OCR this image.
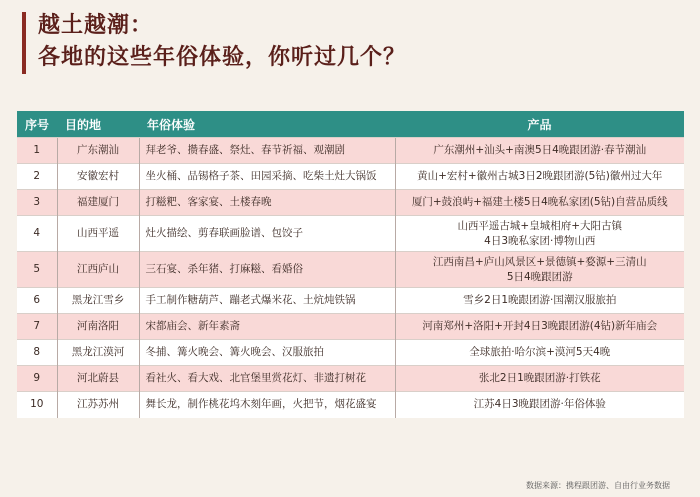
越土越潮：
各地的这些年俗体验，你听过几个？
序号	目的地	年俗体验	产品
1	广东潮汕	拜老爷、攒春盛、祭灶、春节祈福、观潮剧	广东潮州+汕头+南澳5日4晚跟团游·春节潮汕
2	安徽宏村	坐火桶、品锡格子茶、田园采摘、吃柴土灶大锅饭	黄山+宏村+徽州古城3日2晚跟团游(5钻)徽州过大年
3	福建厦门	打糍粑、客家宴、土楼春晚	厦门+鼓浪屿+福建土楼5日4晚私家团(5钻)自营品质线
4	山西平遥	灶火描绘、剪春联画脸谱、包饺子	山西平遥古城+皇城相府+大阳古镇
4日3晚私家团·博物山西
5	江西庐山	三石宴、杀年猪、打麻糍、看婚俗	江西南昌+庐山风景区+景德镇+婺源+三清山
5日4晚跟团游
6	黑龙江雪乡	手工制作糖葫芦、蹦老式爆米花、土炕炖铁锅	雪乡2日1晚跟团游·国潮汉服旅拍
7	河南洛阳	宋都庙会、新年素斋	河南郑州+洛阳+开封4日3晚跟团游(4钻)新年庙会
8	黑龙江漠河	冬捕、篝火晚会、篝火晚会、汉服旅拍	全球旅拍·哈尔滨+漠河5天4晚
9	河北蔚县	看社火、看大戏、北官堡里赏花灯、非遗打树花	张北2日1晚跟团游·打铁花
10	江苏苏州	舞长龙，制作桃花坞木刻年画，火把节，烟花盛宴	江苏4日3晚跟团游·年俗体验
数据来源：携程跟团游、自由行业务数据
